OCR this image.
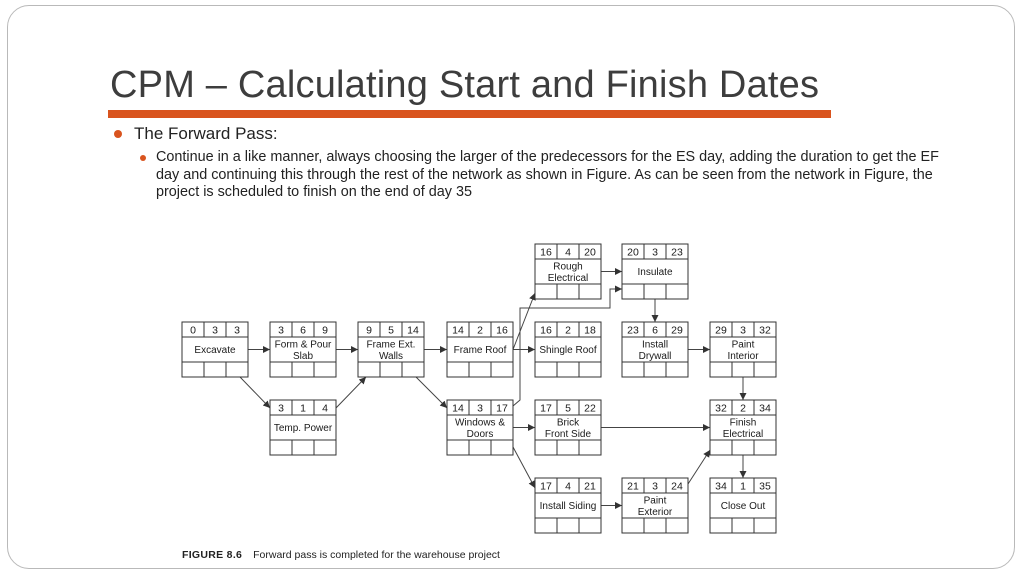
CPM – Calculating Start and Finish Dates
The Forward Pass:
Continue in a like manner, always choosing the larger of the predecessors for the ES day, adding the duration to get the EF day and continuing this through the rest of the network as shown in Figure. As can be seen from the network in Figure, the project is scheduled to finish on the end of day 35
0 3 3
Excavate
3 6 9
Form & Pour
Slab
9 5 14
Frame Ext.
Walls
14 2 16
Frame Roof
16 4 20
Rough
Electrical
20 3 23
Insulate
16 2 18
Shingle Roof
23 6 29
Install
Drywall
29 3 32
Paint
Interior
3 1 4
Temp. Power
14 3 17
Windows &
Doors
17 5 22
Brick
Front Side
32 2 34
Finish
Electrical
17 4 21
Install Siding
21 3 24
Paint
Exterior
34 1 35
Close Out
FIGURE 8.6 Forward pass is completed for the warehouse project
